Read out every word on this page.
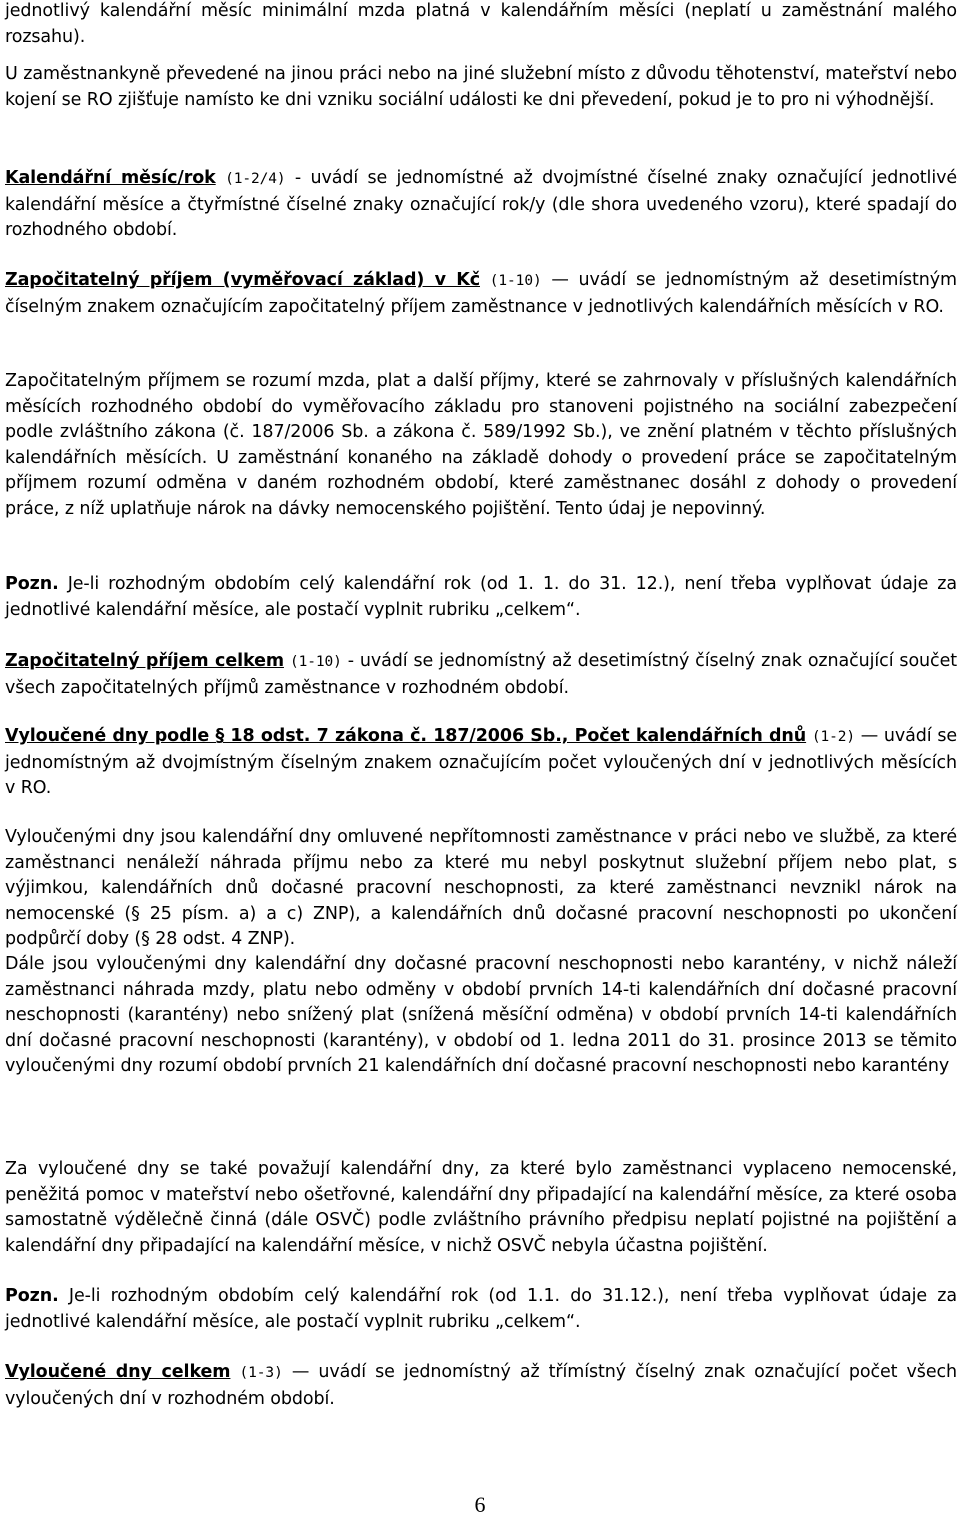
jednotlivý kalendářní měsíc minimální mzda platná v kalendářním měsíci (neplatí u zaměstnání malého rozsahu).

U zaměstnankyně převedené na jinou práci nebo na jiné služební místo z důvodu těhotenství, mateřství nebo kojení se RO zjišťuje namísto ke dni vzniku sociální události ke dni převedení, pokud je to pro ni výhodnější.

Kalendářní měsíc/rok (1-2/4) - uvádí se jednomístné až dvojmístné číselné znaky označující jednotlivé kalendářní měsíce a čtyřmístné číselné znaky označující rok/y (dle shora uvedeného vzoru), které spadají do rozhodného období.

Započitatelný příjem (vyměřovací základ) v Kč (1-10) — uvádí se jednomístným až desetimístným číselným znakem označujícím započitatelný příjem zaměstnance v jednotlivých kalendářních měsících v RO.

Započitatelným příjmem se rozumí mzda, plat a další příjmy, které se zahrnovaly v příslušných kalendářních měsících rozhodného období do vyměřovacího základu pro stanoveni pojistného na sociální zabezpečení podle zvláštního zákona (č. 187/2006 Sb. a zákona č. 589/1992 Sb.), ve znění platném v těchto příslušných kalendářních měsících. U zaměstnání konaného na základě dohody o provedení práce se započitatelným příjmem rozumí odměna v daném rozhodném období, které zaměstnanec dosáhl z dohody o provedení práce, z níž uplatňuje nárok na dávky nemocenského pojištění. Tento údaj je nepovinný.

Pozn. Je-li rozhodným obdobím celý kalendářní rok (od 1. 1. do 31. 12.), není třeba vyplňovat údaje za jednotlivé kalendářní měsíce, ale postačí vyplnit rubriku „celkem“.

Započitatelný příjem celkem (1-10) - uvádí se jednomístný až desetimístný číselný znak označující součet všech započitatelných příjmů zaměstnance v rozhodném období.

Vyloučené dny podle § 18 odst. 7 zákona č. 187/2006 Sb., Počet kalendářních dnů (1-2) — uvádí se jednomístným až dvojmístným číselným znakem označujícím počet vyloučených dní v jednotlivých měsících v RO.

Vyloučenými dny jsou kalendářní dny omluvené nepřítomnosti zaměstnance v práci nebo ve službě, za které zaměstnanci nenáleží náhrada příjmu nebo za které mu nebyl poskytnut služební příjem nebo plat, s výjimkou, kalendářních dnů dočasné pracovní neschopnosti, za které zaměstnanci nevznikl nárok na nemocenské (§ 25 písm. a) a c) ZNP), a kalendářních dnů dočasné pracovní neschopnosti po ukončení podpůrčí doby (§ 28 odst. 4 ZNP).

Dále jsou vyloučenými dny kalendářní dny dočasné pracovní neschopnosti nebo karantény, v nichž náleží zaměstnanci náhrada mzdy, platu nebo odměny v období prvních 14-ti kalendářních dní dočasné pracovní neschopnosti (karantény) nebo snížený plat (snížená měsíční odměna) v období prvních 14-ti kalendářních dní dočasné pracovní neschopnosti (karantény), v období od 1. ledna 2011 do 31. prosince 2013 se těmito vyloučenými dny rozumí období prvních 21 kalendářních dní dočasné pracovní neschopnosti nebo karantény

Za vyloučené dny se také považují kalendářní dny, za které bylo zaměstnanci vyplaceno nemocenské, peněžitá pomoc v mateřství nebo ošetřovné, kalendářní dny připadající na kalendářní měsíce, za které osoba samostatně výdělečně činná (dále OSVČ) podle zvláštního právního předpisu neplatí pojistné na pojištění a kalendářní dny připadající na kalendářní měsíce, v nichž OSVČ nebyla účastna pojištění.

Pozn. Je-li rozhodným obdobím celý kalendářní rok (od 1.1. do 31.12.), není třeba vyplňovat údaje za jednotlivé kalendářní měsíce, ale postačí vyplnit rubriku „celkem“.

Vyloučené dny celkem (1-3) — uvádí se jednomístný až třímístný číselný znak označující počet všech vyloučených dní v rozhodném období.

6
